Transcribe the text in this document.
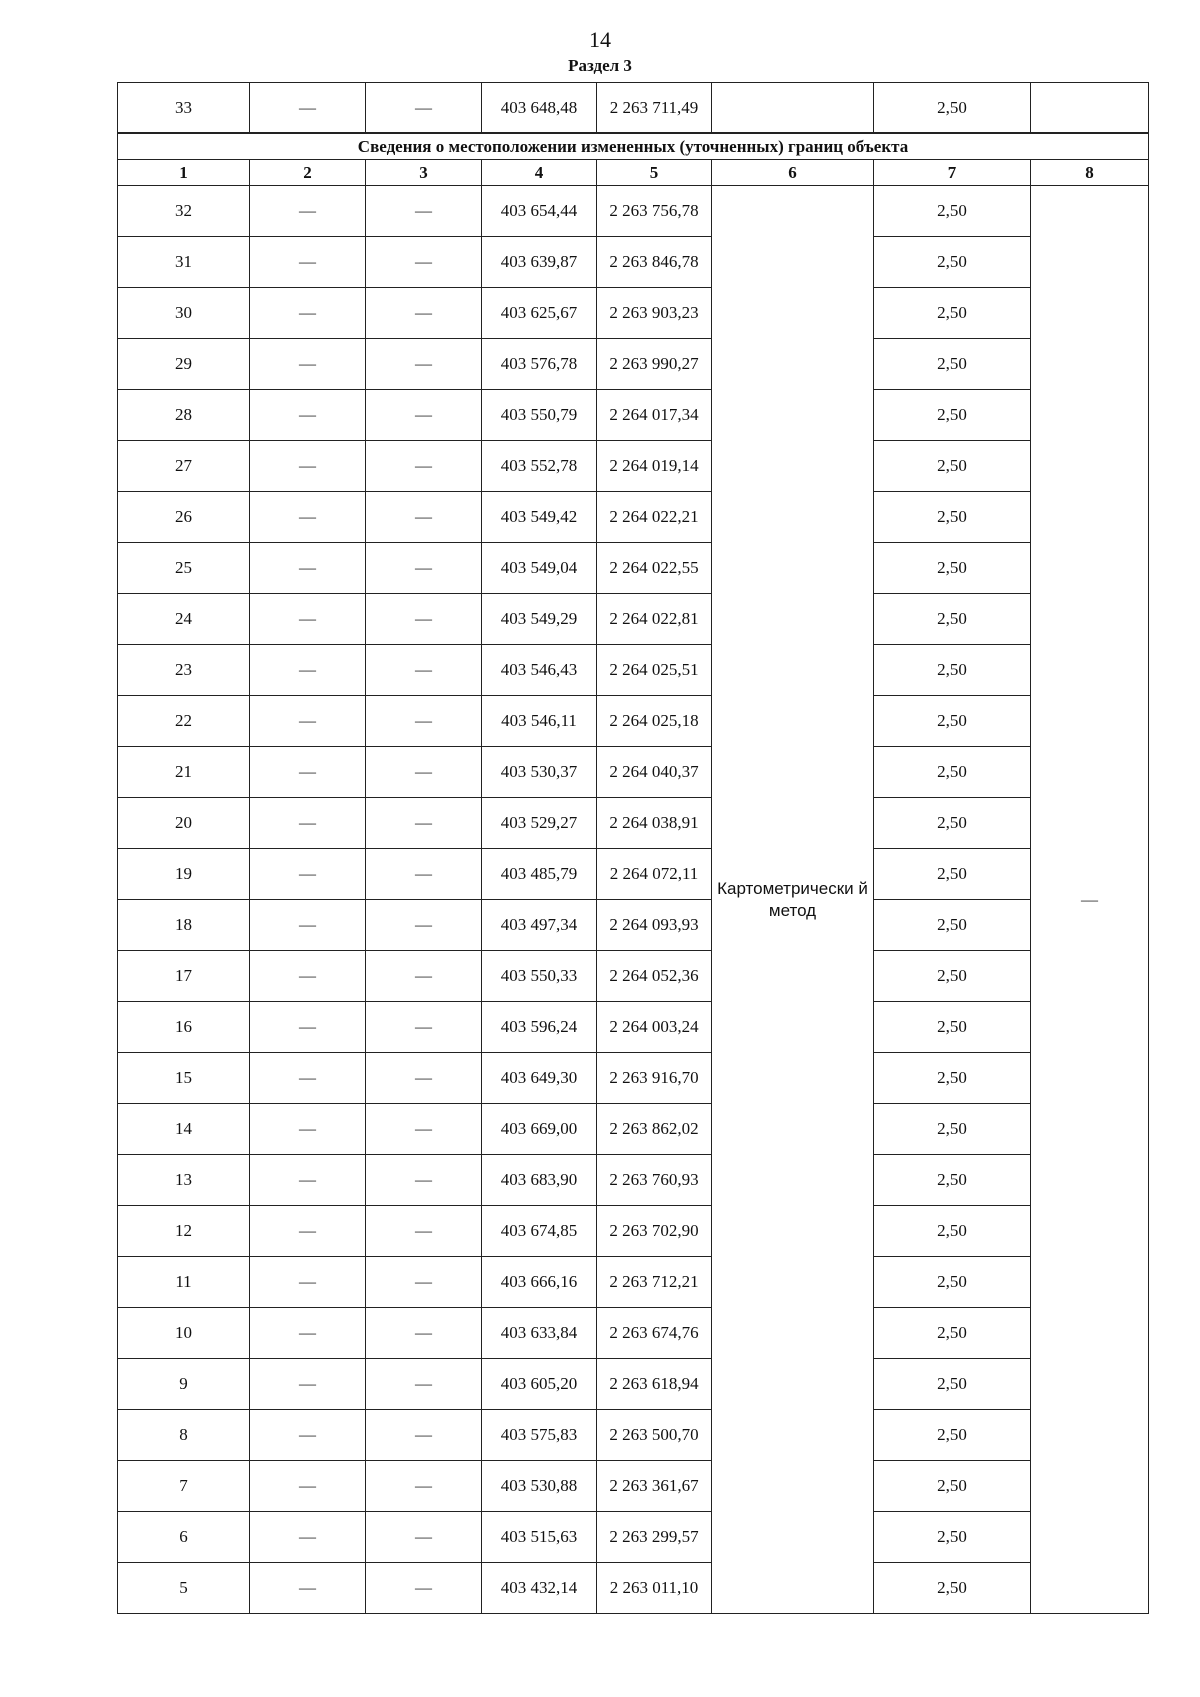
14
Раздел 3
33	—	—	403 648,48	2 263 711,49		2,50	
Сведения о местоположении измененных (уточненных) границ объекта							
1	2	3	4	5	6	7	8
32	—	—	403 654,44	2 263 756,78	Картометрически й метод	2,50	—
31	—	—	403 639,87	2 263 846,78		2,50	
30	—	—	403 625,67	2 263 903,23		2,50	
29	—	—	403 576,78	2 263 990,27		2,50	
28	—	—	403 550,79	2 264 017,34		2,50	
27	—	—	403 552,78	2 264 019,14		2,50	
26	—	—	403 549,42	2 264 022,21		2,50	
25	—	—	403 549,04	2 264 022,55		2,50	
24	—	—	403 549,29	2 264 022,81		2,50	
23	—	—	403 546,43	2 264 025,51		2,50	
22	—	—	403 546,11	2 264 025,18		2,50	
21	—	—	403 530,37	2 264 040,37		2,50	
20	—	—	403 529,27	2 264 038,91		2,50	
19	—	—	403 485,79	2 264 072,11		2,50	
18	—	—	403 497,34	2 264 093,93		2,50	
17	—	—	403 550,33	2 264 052,36		2,50	
16	—	—	403 596,24	2 264 003,24		2,50	
15	—	—	403 649,30	2 263 916,70		2,50	
14	—	—	403 669,00	2 263 862,02		2,50	
13	—	—	403 683,90	2 263 760,93		2,50	
12	—	—	403 674,85	2 263 702,90		2,50	
11	—	—	403 666,16	2 263 712,21		2,50	
10	—	—	403 633,84	2 263 674,76		2,50	
9	—	—	403 605,20	2 263 618,94		2,50	
8	—	—	403 575,83	2 263 500,70		2,50	
7	—	—	403 530,88	2 263 361,67		2,50	
6	—	—	403 515,63	2 263 299,57		2,50	
5	—	—	403 432,14	2 263 011,10		2,50	
